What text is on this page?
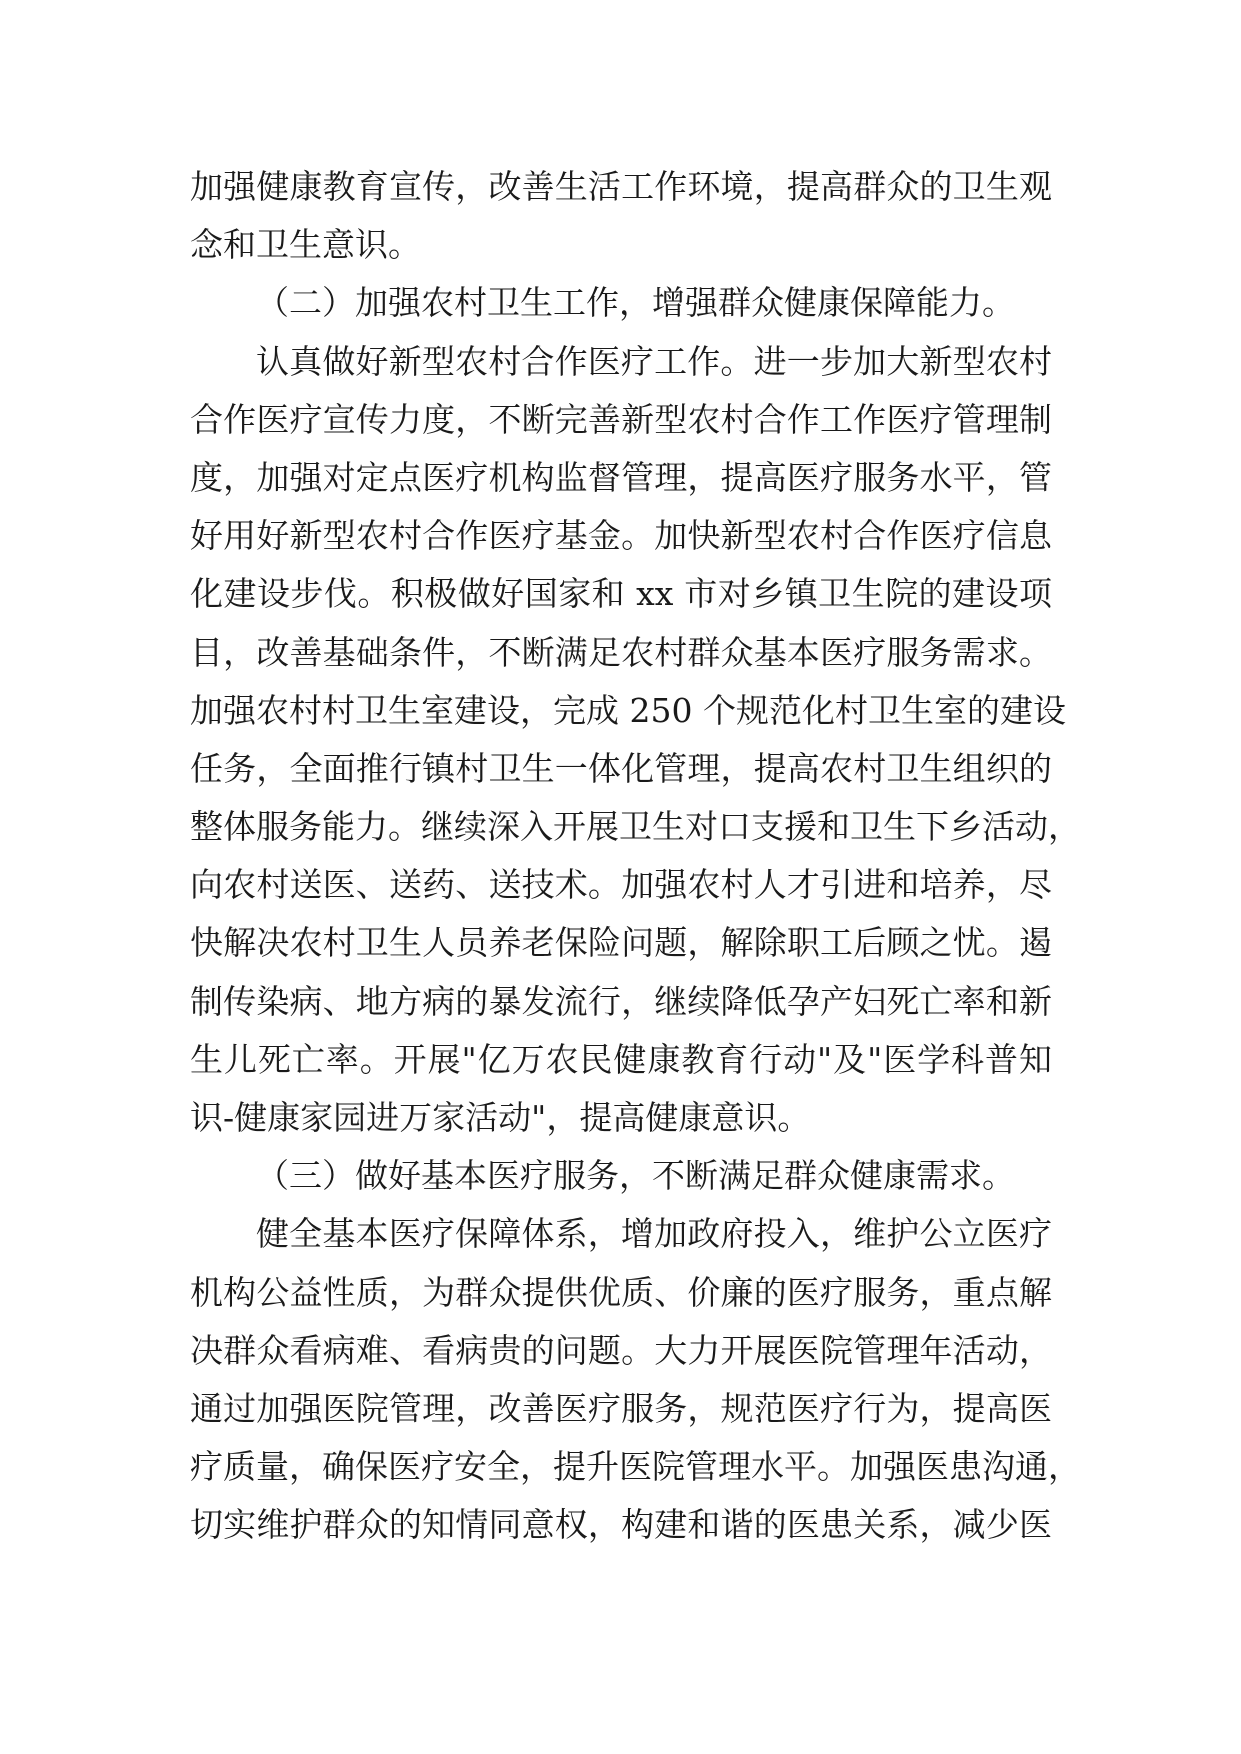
加强健康教育宣传，改善生活工作环境，提高群众的卫生观
念和卫生意识。
（二）加强农村卫生工作，增强群众健康保障能力。
认真做好新型农村合作医疗工作。进一步加大新型农村
合作医疗宣传力度，不断完善新型农村合作工作医疗管理制
度，加强对定点医疗机构监督管理，提高医疗服务水平，管
好用好新型农村合作医疗基金。加快新型农村合作医疗信息
化建设步伐。积极做好国家和 xx 市对乡镇卫生院的建设项
目，改善基础条件，不断满足农村群众基本医疗服务需求。
加强农村村卫生室建设，完成 250 个规范化村卫生室的建设
任务，全面推行镇村卫生一体化管理，提高农村卫生组织的
整体服务能力。继续深入开展卫生对口支援和卫生下乡活动，
向农村送医、送药、送技术。加强农村人才引进和培养，尽
快解决农村卫生人员养老保险问题，解除职工后顾之忧。遏
制传染病、地方病的暴发流行，继续降低孕产妇死亡率和新
生儿死亡率。开展"亿万农民健康教育行动"及"医学科普知
识-健康家园进万家活动"，提高健康意识。
（三）做好基本医疗服务，不断满足群众健康需求。
健全基本医疗保障体系，增加政府投入，维护公立医疗
机构公益性质，为群众提供优质、价廉的医疗服务，重点解
决群众看病难、看病贵的问题。大力开展医院管理年活动，
通过加强医院管理，改善医疗服务，规范医疗行为，提高医
疗质量，确保医疗安全，提升医院管理水平。加强医患沟通，
切实维护群众的知情同意权，构建和谐的医患关系，减少医
